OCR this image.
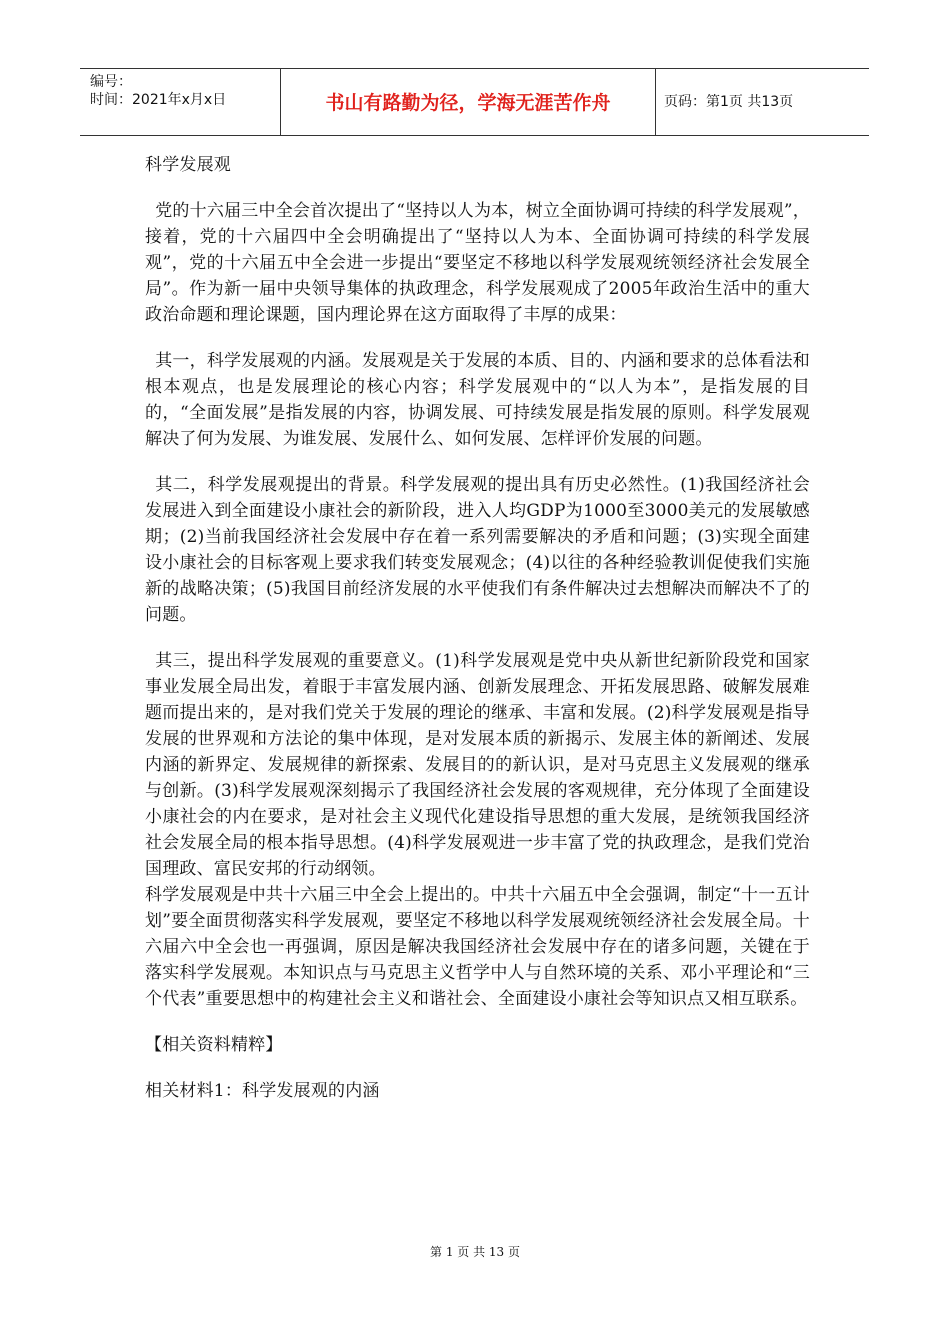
编号：
时间：2021年x月x日	书山有路勤为径，学海无涯苦作舟	页码：第1页 共13页

科学发展观

党的十六届三中全会首次提出了“坚持以人为本，树立全面协调可持续的科学发展观”，接着，党的十六届四中全会明确提出了“坚持以人为本、全面协调可持续的科学发展观”，党的十六届五中全会进一步提出“要坚定不移地以科学发展观统领经济社会发展全局”。作为新一届中央领导集体的执政理念，科学发展观成了2005年政治生活中的重大政治命题和理论课题，国内理论界在这方面取得了丰厚的成果：

其一，科学发展观的内涵。发展观是关于发展的本质、目的、内涵和要求的总体看法和根本观点，也是发展理论的核心内容；科学发展观中的“以人为本”，是指发展的目的，“全面发展”是指发展的内容，协调发展、可持续发展是指发展的原则。科学发展观解决了何为发展、为谁发展、发展什么、如何发展、怎样评价发展的问题。

其二，科学发展观提出的背景。科学发展观的提出具有历史必然性。(1)我国经济社会发展进入到全面建设小康社会的新阶段，进入人均GDP为1000至3000美元的发展敏感期；(2)当前我国经济社会发展中存在着一系列需要解决的矛盾和问题；(3)实现全面建设小康社会的目标客观上要求我们转变发展观念；(4)以往的各种经验教训促使我们实施新的战略决策；(5)我国目前经济发展的水平使我们有条件解决过去想解决而解决不了的问题。

其三，提出科学发展观的重要意义。(1)科学发展观是党中央从新世纪新阶段党和国家事业发展全局出发，着眼于丰富发展内涵、创新发展理念、开拓发展思路、破解发展难题而提出来的，是对我们党关于发展的理论的继承、丰富和发展。(2)科学发展观是指导发展的世界观和方法论的集中体现，是对发展本质的新揭示、发展主体的新阐述、发展内涵的新界定、发展规律的新探索、发展目的的新认识，是对马克思主义发展观的继承与创新。(3)科学发展观深刻揭示了我国经济社会发展的客观规律，充分体现了全面建设小康社会的内在要求，是对社会主义现代化建设指导思想的重大发展，是统领我国经济社会发展全局的根本指导思想。(4)科学发展观进一步丰富了党的执政理念，是我们党治国理政、富民安邦的行动纲领。

科学发展观是中共十六届三中全会上提出的。中共十六届五中全会强调，制定“十一五计划”要全面贯彻落实科学发展观，要坚定不移地以科学发展观统领经济社会发展全局。十六届六中全会也一再强调，原因是解决我国经济社会发展中存在的诸多问题，关键在于落实科学发展观。本知识点与马克思主义哲学中人与自然环境的关系、邓小平理论和“三个代表”重要思想中的构建社会主义和谐社会、全面建设小康社会等知识点又相互联系。

【相关资料精粹】

相关材料1：科学发展观的内涵

第 1 页 共 13 页
